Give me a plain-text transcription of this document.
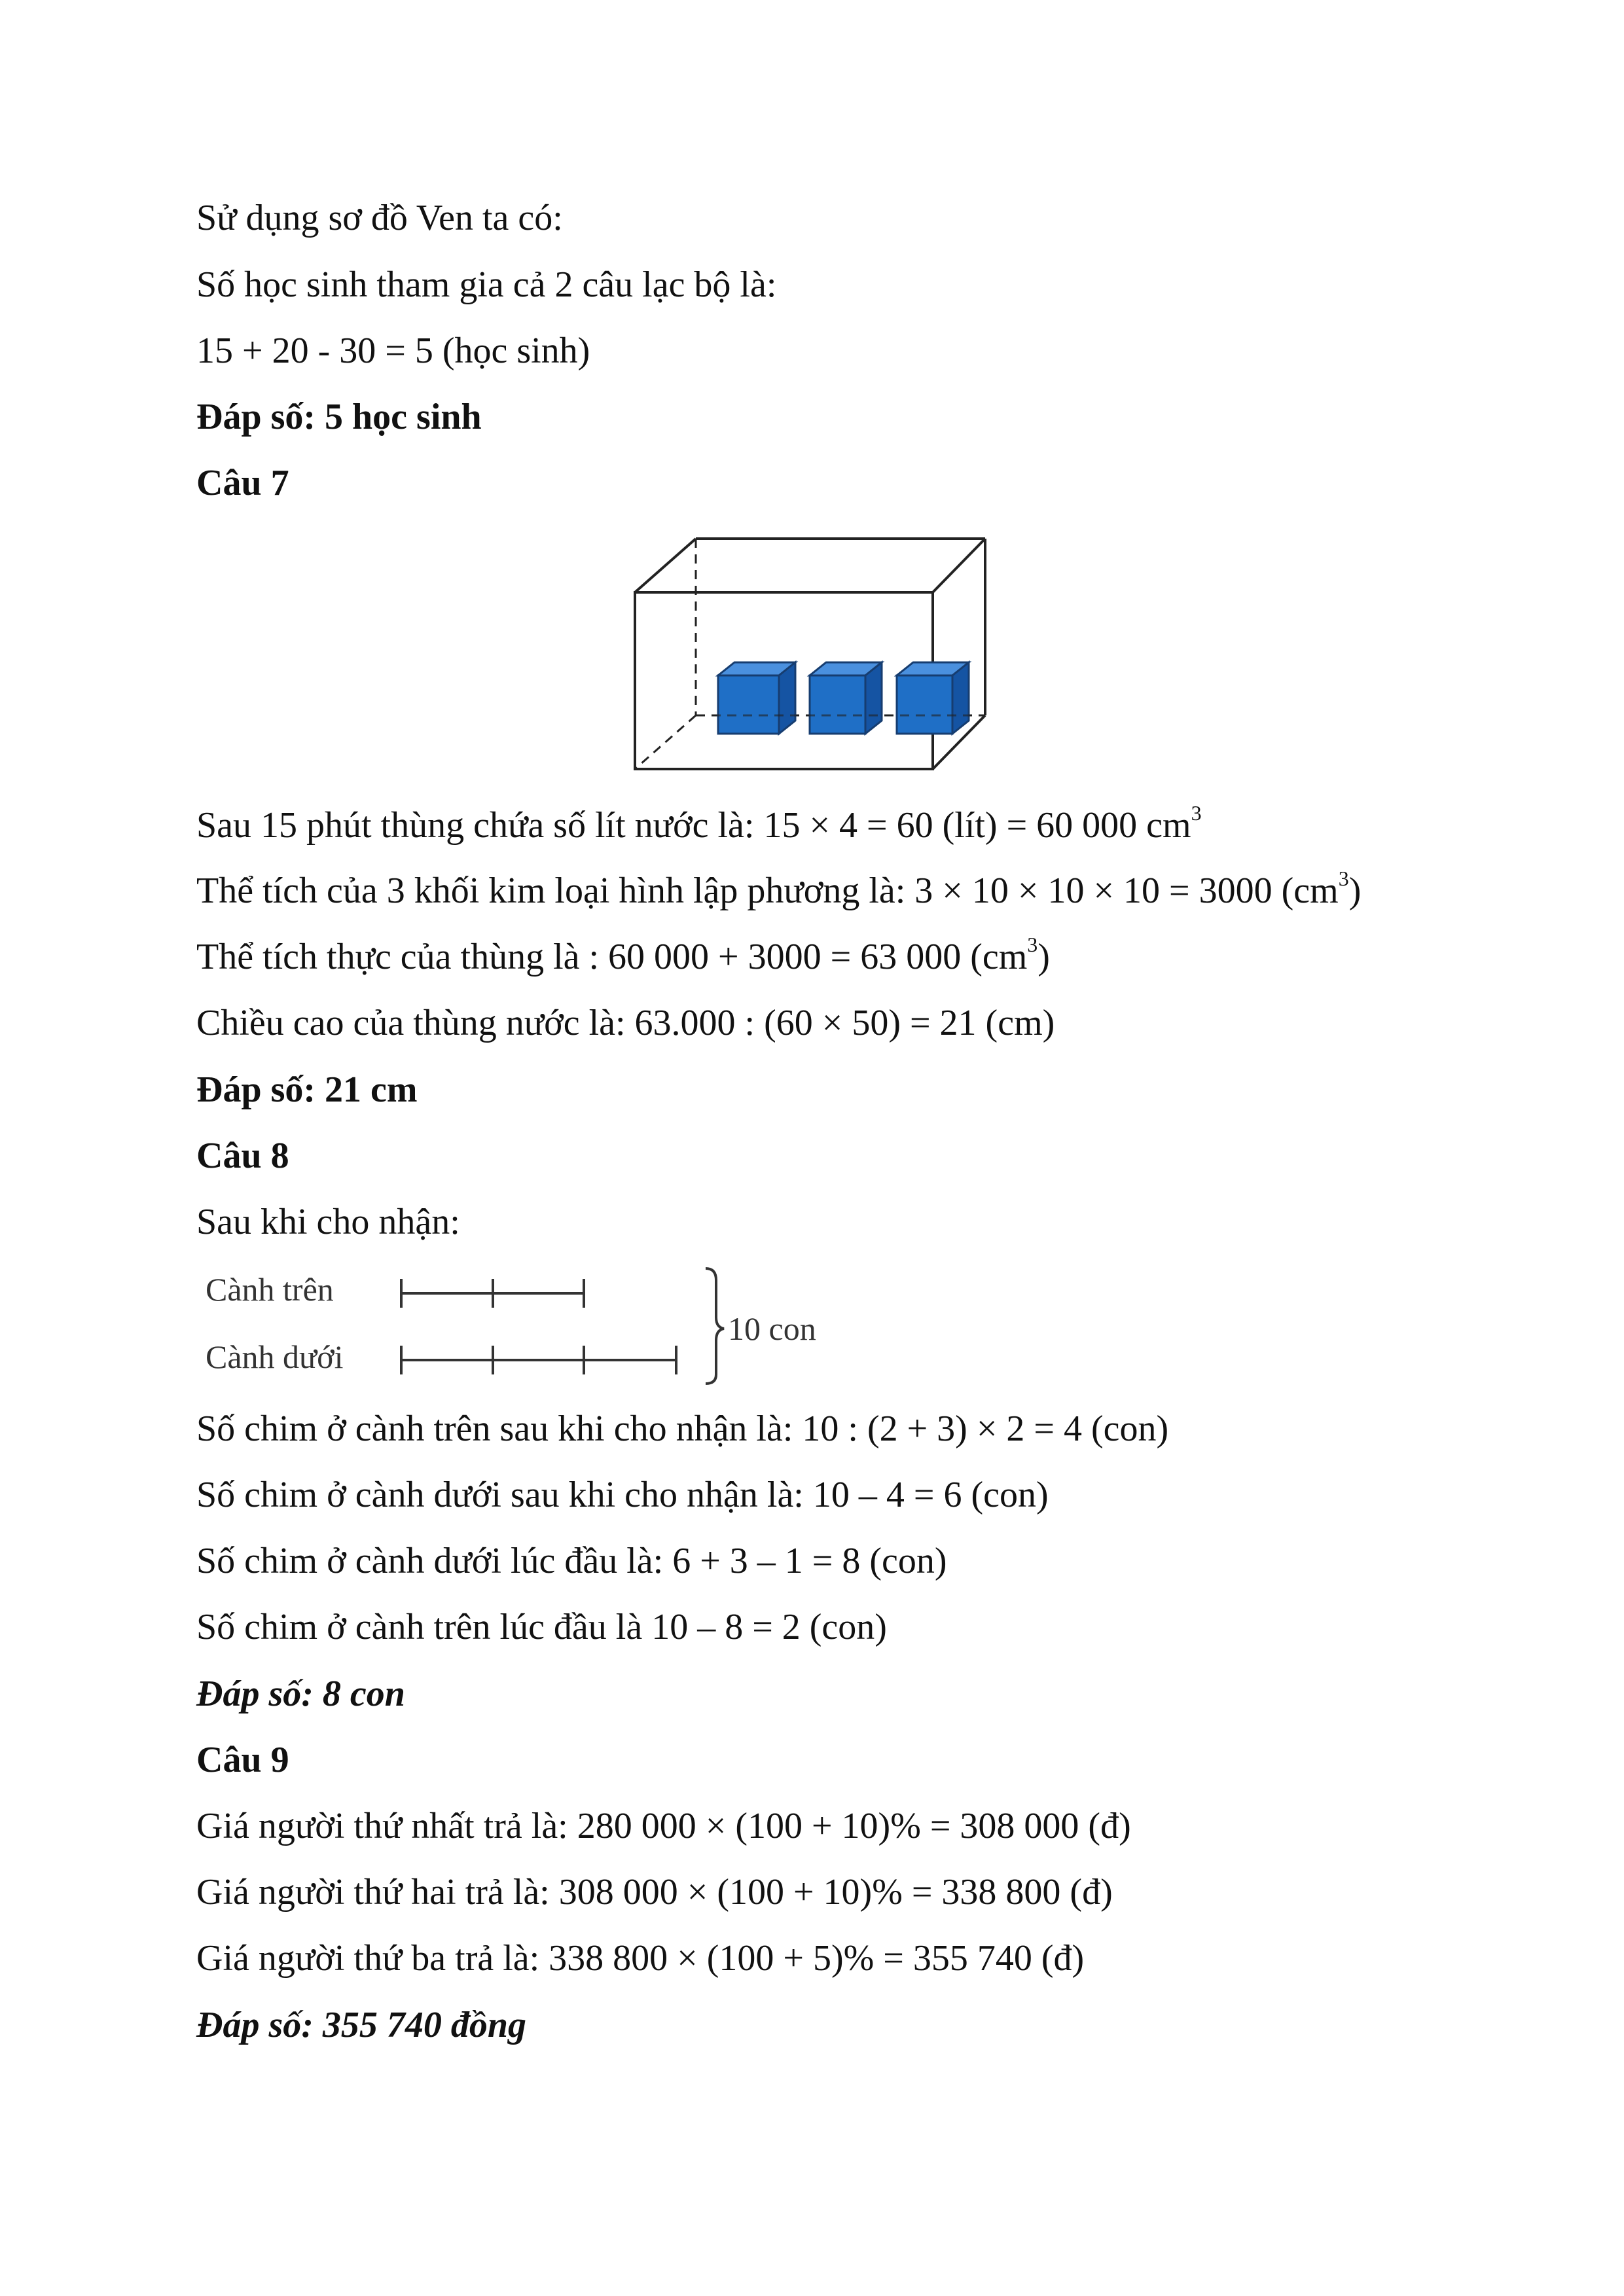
Sử dụng sơ đồ Ven ta có:
Số học sinh tham gia cả 2 câu lạc bộ là:
15 + 20 - 30 = 5 (học sinh)
Đáp số: 5 học sinh
Câu 7
Sau 15 phút thùng chứa số lít nước là: 15 × 4 = 60 (lít) = 60 000 $cm^3$
Thể tích của 3 khối kim loại hình lập phương là: 3 × 10 × 10 × 10 = 3000 $(cm^3)$
Thể tích thực của thùng là : 60 000 + 3000 = 63 000 $(cm^3)$
Chiều cao của thùng nước là: 63.000 : (60 × 50) = 21 (cm)
Đáp số: 21 cm
Câu 8
Sau khi cho nhận:
Cành trên
Cành dưới
10 con
Số chim ở cành trên sau khi cho nhận là: 10 : (2 + 3) × 2 = 4 (con)
Số chim ở cành dưới sau khi cho nhận là: 10 – 4 = 6 (con)
Số chim ở cành dưới lúc đầu là: 6 + 3 – 1 = 8 (con)
Số chim ở cành trên lúc đầu là 10 – 8 = 2 (con)
Đáp số: 8 con
Câu 9
Giá người thứ nhất trả là: 280 000 × (100 + 10)% = 308 000 (đ)
Giá người thứ hai trả là: 308 000 × (100 + 10)% = 338 800 (đ)
Giá người thứ ba trả là: 338 800 × (100 + 5)% = 355 740 (đ)
Đáp số: 355 740 đồng
